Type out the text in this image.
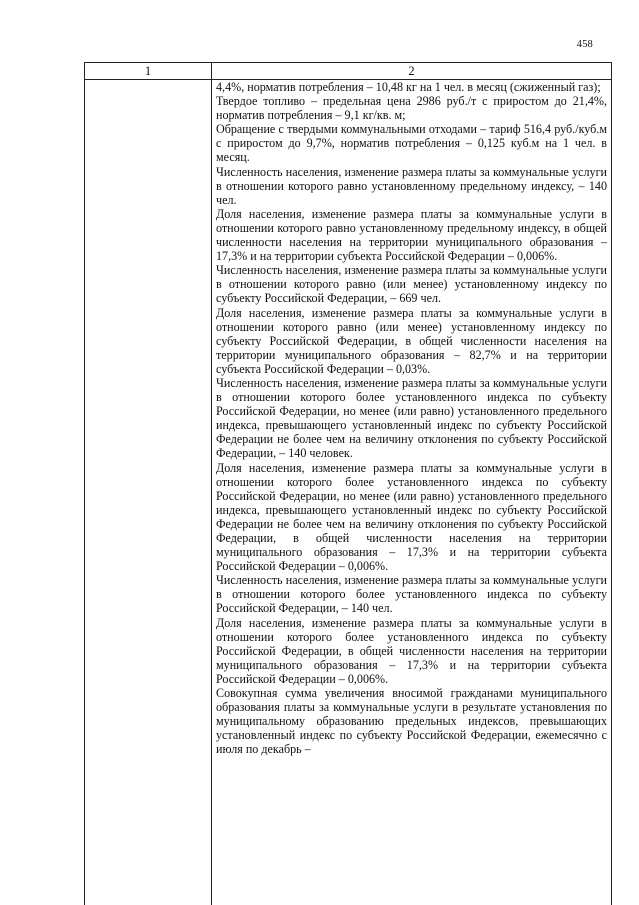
458
1	2

4,4%, норматив потребления – 10,48 кг на 1 чел. в месяц (сжиженный газ);

Твердое топливо – предельная цена 2986 руб./т с приростом до 21,4%, норматив потребления – 9,1 кг/кв. м;

Обращение с твердыми коммунальными отходами – тариф 516,4 руб./куб.м с приростом до 9,7%, норматив потребления – 0,125 куб.м на 1 чел. в месяц.

Численность населения, изменение размера платы за коммунальные услуги в отношении которого равно установленному предельному индексу, – 140 чел.

Доля населения, изменение размера платы за коммунальные услуги в отношении которого равно установленному предельному индексу, в общей численности населения на территории муниципального образования – 17,3% и на территории субъекта Российской Федерации – 0,006%.

Численность населения, изменение размера платы за коммунальные услуги в отношении которого равно (или менее) установленному индексу по субъекту Российской Федерации, – 669 чел.

Доля населения, изменение размера платы за коммунальные услуги в отношении которого равно (или менее) установленному индексу по субъекту Российской Федерации, в общей численности населения на территории муниципального образования – 82,7% и на территории субъекта Российской Федерации – 0,03%.

Численность населения, изменение размера платы за коммунальные услуги в отношении которого более установленного индекса по субъекту Российской Федерации, но менее (или равно) установленного предельного индекса, превышающего установленный индекс по субъекту Российской Федерации не более чем на величину отклонения по субъекту Российской Федерации, – 140 человек.

Доля населения, изменение размера платы за коммунальные услуги в отношении которого более установленного индекса по субъекту Российской Федерации, но менее (или равно) установленного предельного индекса, превышающего установленный индекс по субъекту Российской Федерации не более чем на величину отклонения по субъекту Российской Федерации, в общей численности населения на территории муниципального образования – 17,3% и на территории субъекта Российской Федерации – 0,006%.

Численность населения, изменение размера платы за коммунальные услуги в отношении которого более установленного индекса по субъекту Российской Федерации, – 140 чел.

Доля населения, изменение размера платы за коммунальные услуги в отношении которого более установленного индекса по субъекту Российской Федерации, в общей численности населения на территории муниципального образования – 17,3% и на территории субъекта Российской Федерации – 0,006%.

Совокупная сумма увеличения вносимой гражданами муниципального образования платы за коммунальные услуги в результате установления по муниципальному образованию предельных индексов, превышающих установленный индекс по субъекту Российской Федерации, ежемесячно с июля по декабрь –
